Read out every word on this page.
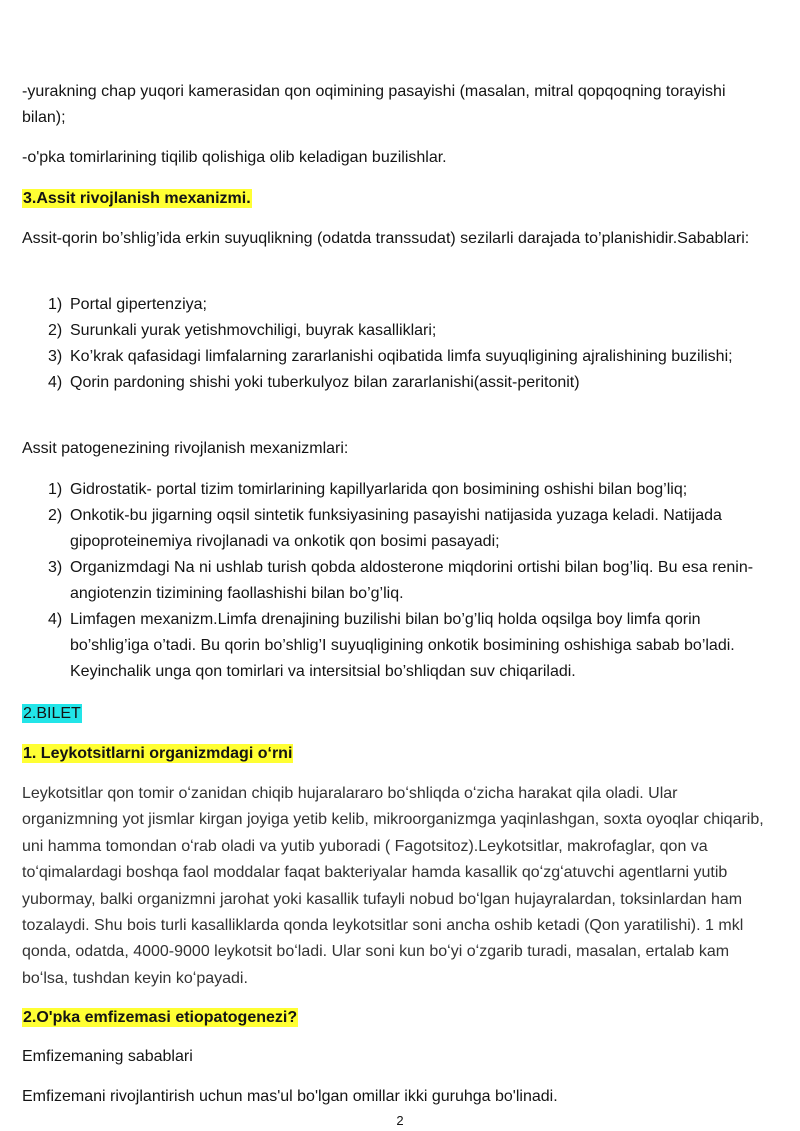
-yurakning chap yuqori kamerasidan qon oqimining pasayishi (masalan, mitral qopqoqning torayishi bilan);

-o'pka tomirlarining tiqilib qolishiga olib keladigan buzilishlar.

3.Assit rivojlanish mexanizmi.

Assit-qorin bo’shlig’ida erkin suyuqlikning (odatda transsudat) sezilarli darajada to’planishidir.Sabablari:

1) Portal gipertenziya;
2) Surunkali yurak yetishmovchiligi, buyrak kasalliklari;
3) Ko’krak qafasidagi limfalarning zararlanishi oqibatida limfa suyuqligining ajralishining buzilishi;
4) Qorin pardoning shishi yoki tuberkulyoz bilan zararlanishi(assit-peritonit)

Assit patogenezining rivojlanish mexanizmlari:

1) Gidrostatik- portal tizim tomirlarining kapillyarlarida qon bosimining oshishi bilan bog’liq;
2) Onkotik-bu jigarning oqsil sintetik funksiyasining pasayishi natijasida yuzaga keladi. Natijada gipoproteinemiya rivojlanadi va onkotik qon bosimi pasayadi;
3) Organizmdagi Na ni ushlab turish qobda aldosterone miqdorini ortishi bilan bog’liq. Bu esa renin-angiotenzin tizimining faollashishi bilan bo’g’liq.
4) Limfagen mexanizm.Limfa drenajining buzilishi bilan bo’g’liq holda oqsilga boy limfa qorin bo’shlig’iga o’tadi. Bu qorin bo’shlig’I suyuqligining onkotik bosimining oshishiga sabab bo’ladi. Keyinchalik unga qon tomirlari va intersitsial bo’shliqdan suv chiqariladi.

2.BILET

1. Leykotsitlarni organizmdagi oʻrni

Leykotsitlar qon tomir oʻzanidan chiqib hujaralararo boʻshliqda oʻzicha harakat qila oladi. Ular organizmning yot jismlar kirgan joyiga yetib kelib, mikroorganizmga yaqinlashgan, soxta oyoqlar chiqarib, uni hamma tomondan oʻrab oladi va yutib yuboradi ( Fagotsitoz).Leykotsitlar, makrofaglar, qon va toʻqimalardagi boshqa faol moddalar faqat bakteriyalar hamda kasallik qoʻzgʻatuvchi agentlarni yutib yubormay, balki organizmni jarohat yoki kasallik tufayli nobud boʻlgan hujayralardan, toksinlardan ham tozalaydi. Shu bois turli kasalliklarda qonda leykotsitlar soni ancha oshib ketadi (Qon yaratilishi). 1 mkl qonda, odatda, 4000-9000 leykotsit boʻladi. Ular soni kun boʻyi oʻzgarib turadi, masalan, ertalab kam boʻlsa, tushdan keyin koʻpayadi.

2.O'pka emfizemasi etiopatogenezi?

Emfizemaning sabablari

Emfizemani rivojlantirish uchun mas'ul bo'lgan omillar ikki guruhga bo'linadi.

2
